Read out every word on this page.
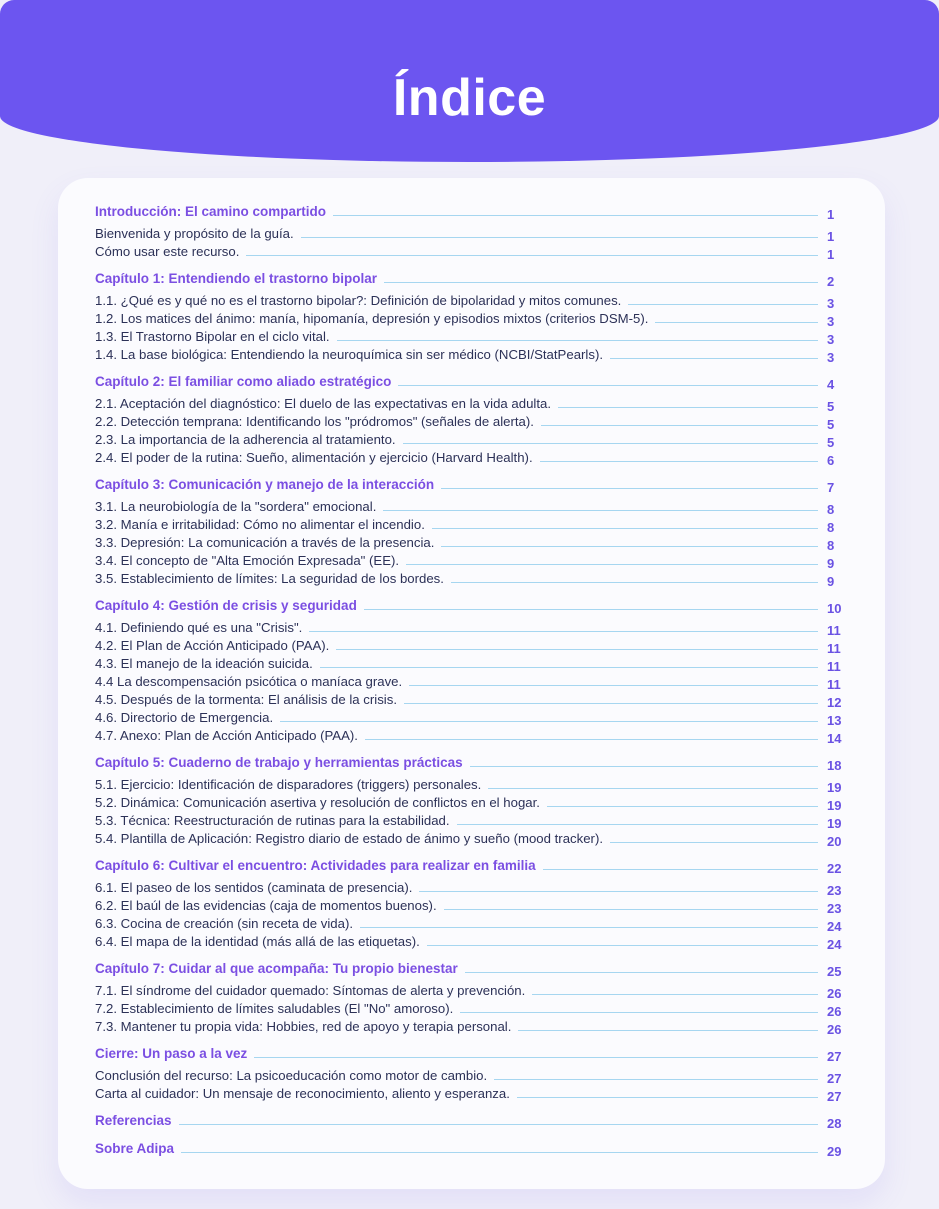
Índice
Introducción: El camino compartido	1
Bienvenida y propósito de la guía.	1
Cómo usar este recurso.	1
Capítulo 1: Entendiendo el trastorno bipolar	2
1.1. ¿Qué es y qué no es el trastorno bipolar?: Definición de bipolaridad y mitos comunes.	3
1.2. Los matices del ánimo: manía, hipomanía, depresión y episodios mixtos (criterios DSM-5).	3
1.3. El Trastorno Bipolar en el ciclo vital.	3
1.4. La base biológica: Entendiendo la neuroquímica sin ser médico (NCBI/StatPearls).	3
Capítulo 2: El familiar como aliado estratégico	4
2.1. Aceptación del diagnóstico: El duelo de las expectativas en la vida adulta.	5
2.2. Detección temprana: Identificando los "pródromos" (señales de alerta).	5
2.3. La importancia de la adherencia al tratamiento.	5
2.4. El poder de la rutina: Sueño, alimentación y ejercicio (Harvard Health).	6
Capítulo 3: Comunicación y manejo de la interacción	7
3.1. La neurobiología de la "sordera" emocional.	8
3.2. Manía e irritabilidad: Cómo no alimentar el incendio.	8
3.3. Depresión: La comunicación a través de la presencia.	8
3.4. El concepto de "Alta Emoción Expresada" (EE).	9
3.5. Establecimiento de límites: La seguridad de los bordes.	9
Capítulo 4: Gestión de crisis y seguridad	10
4.1. Definiendo qué es una "Crisis".	11
4.2. El Plan de Acción Anticipado (PAA).	11
4.3. El manejo de la ideación suicida.	11
4.4 La descompensación psicótica o maníaca grave.	11
4.5. Después de la tormenta: El análisis de la crisis.	12
4.6. Directorio de Emergencia.	13
4.7. Anexo: Plan de Acción Anticipado (PAA).	14
Capítulo 5: Cuaderno de trabajo y herramientas prácticas	18
5.1. Ejercicio: Identificación de disparadores (triggers) personales.	19
5.2. Dinámica: Comunicación asertiva y resolución de conflictos en el hogar.	19
5.3. Técnica: Reestructuración de rutinas para la estabilidad.	19
5.4. Plantilla de Aplicación: Registro diario de estado de ánimo y sueño (mood tracker).	20
Capítulo 6: Cultivar el encuentro: Actividades para realizar en familia	22
6.1. El paseo de los sentidos (caminata de presencia).	23
6.2. El baúl de las evidencias (caja de momentos buenos).	23
6.3. Cocina de creación (sin receta de vida).	24
6.4. El mapa de la identidad (más allá de las etiquetas).	24
Capítulo 7: Cuidar al que acompaña: Tu propio bienestar	25
7.1. El síndrome del cuidador quemado: Síntomas de alerta y prevención.	26
7.2. Establecimiento de límites saludables (El "No" amoroso).	26
7.3. Mantener tu propia vida: Hobbies, red de apoyo y terapia personal.	26
Cierre: Un paso a la vez	27
Conclusión del recurso: La psicoeducación como motor de cambio.	27
Carta al cuidador: Un mensaje de reconocimiento, aliento y esperanza.	27
Referencias	28
Sobre Adipa	29
